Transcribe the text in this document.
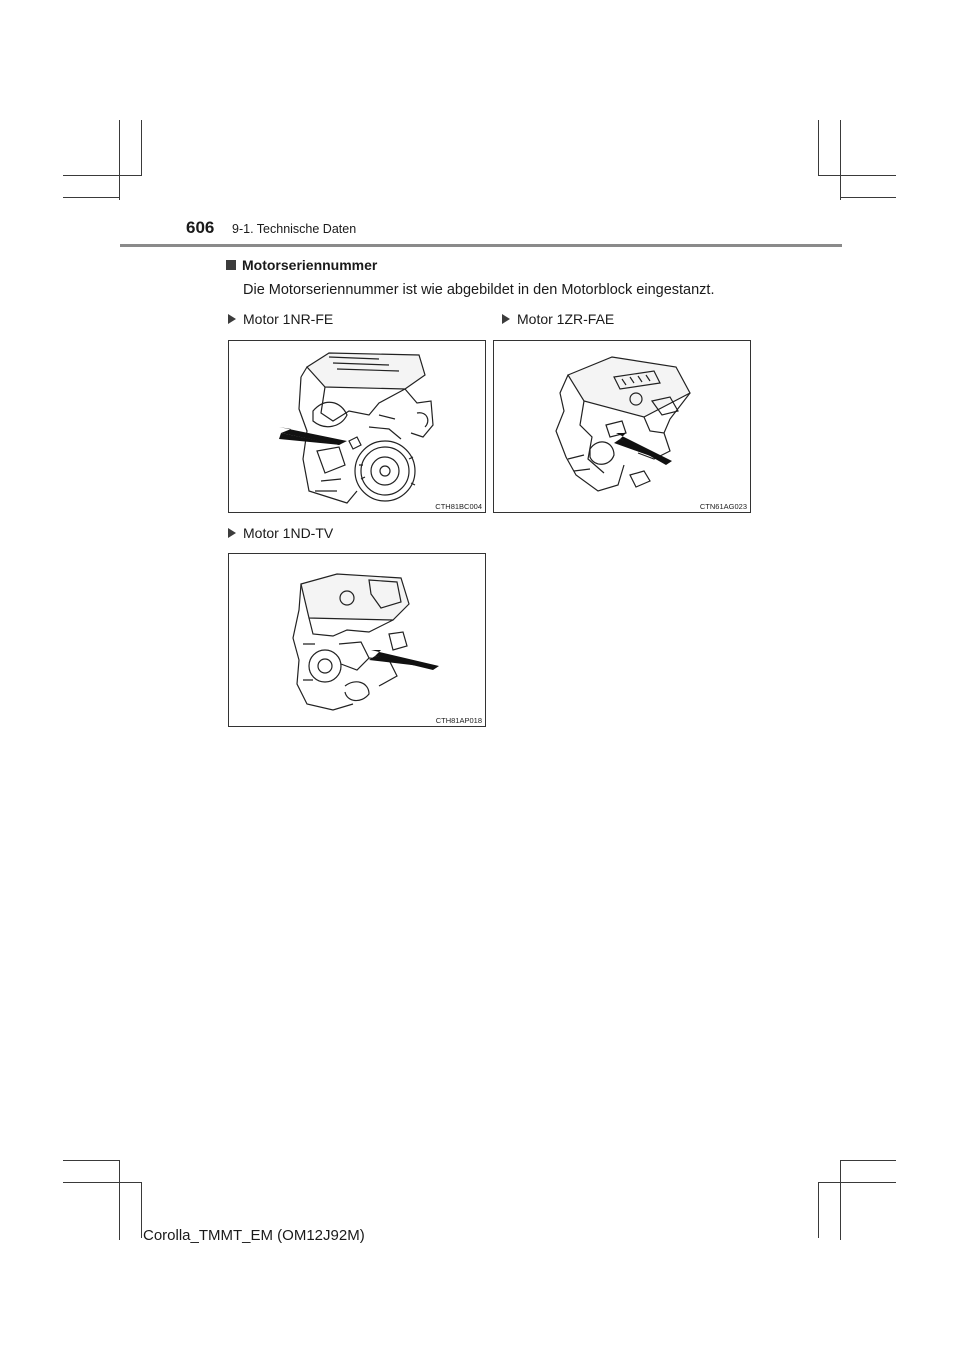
606 9-1. Technische Daten
Motorseriennummer
Die Motorseriennummer ist wie abgebildet in den Motorblock eingestanzt.
Motor 1NR-FE	Motor 1ZR-FAE
Motor 1ND-TV
CTH81BC004	CTN61AG023
CTH81AP018
Corolla_TMMT_EM (OM12J92M)
